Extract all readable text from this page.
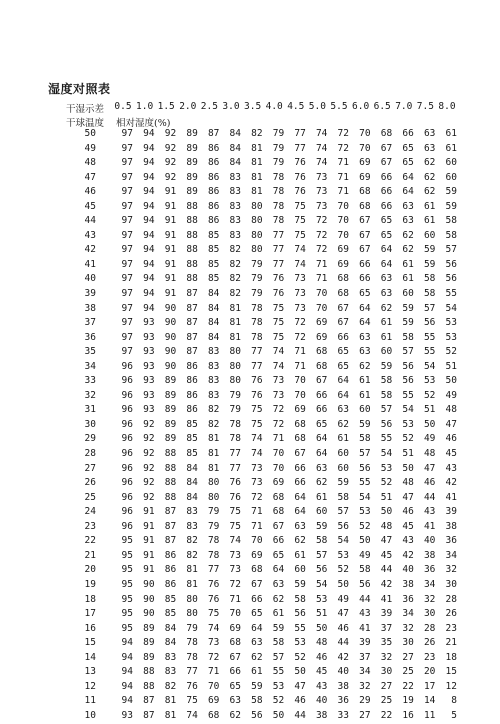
湿度对照表
干湿示差 0.5 1.0 1.5 2.0 2.5 3.0 3.5 4.0 4.5 5.0 5.5 6.0 6.5 7.0 7.5 8.0
干球温度 相对湿度(%)
50	97	94	92	89	87	84	82	79	77	74	72	70	68	66	63	61
49	97	94	92	89	86	84	81	79	77	74	72	70	67	65	63	61
48	97	94	92	89	86	84	81	79	76	74	71	69	67	65	62	60
47	97	94	92	89	86	83	81	78	76	73	71	69	66	64	62	60
46	97	94	91	89	86	83	81	78	76	73	71	68	66	64	62	59
45	97	94	91	88	86	83	80	78	75	73	70	68	66	63	61	59
44	97	94	91	88	86	83	80	78	75	72	70	67	65	63	61	58
43	97	94	91	88	85	83	80	77	75	72	70	67	65	62	60	58
42	97	94	91	88	85	82	80	77	74	72	69	67	64	62	59	57
41	97	94	91	88	85	82	79	77	74	71	69	66	64	61	59	56
40	97	94	91	88	85	82	79	76	73	71	68	66	63	61	58	56
39	97	94	91	87	84	82	79	76	73	70	68	65	63	60	58	55
38	97	94	90	87	84	81	78	75	73	70	67	64	62	59	57	54
37	97	93	90	87	84	81	78	75	72	69	67	64	61	59	56	53
36	97	93	90	87	84	81	78	75	72	69	66	63	61	58	55	53
35	97	93	90	87	83	80	77	74	71	68	65	63	60	57	55	52
34	96	93	90	86	83	80	77	74	71	68	65	62	59	56	54	51
33	96	93	89	86	83	80	76	73	70	67	64	61	58	56	53	50
32	96	93	89	86	83	79	76	73	70	66	64	61	58	55	52	49
31	96	93	89	86	82	79	75	72	69	66	63	60	57	54	51	48
30	96	92	89	85	82	78	75	72	68	65	62	59	56	53	50	47
29	96	92	89	85	81	78	74	71	68	64	61	58	55	52	49	46
28	96	92	88	85	81	77	74	70	67	64	60	57	54	51	48	45
27	96	92	88	84	81	77	73	70	66	63	60	56	53	50	47	43
26	96	92	88	84	80	76	73	69	66	62	59	55	52	48	46	42
25	96	92	88	84	80	76	72	68	64	61	58	54	51	47	44	41
24	96	91	87	83	79	75	71	68	64	60	57	53	50	46	43	39
23	96	91	87	83	79	75	71	67	63	59	56	52	48	45	41	38
22	95	91	87	82	78	74	70	66	62	58	54	50	47	43	40	36
21	95	91	86	82	78	73	69	65	61	57	53	49	45	42	38	34
20	95	91	86	81	77	73	68	64	60	56	52	58	44	40	36	32
19	95	90	86	81	76	72	67	63	59	54	50	56	42	38	34	30
18	95	90	85	80	76	71	66	62	58	53	49	44	41	36	32	28
17	95	90	85	80	75	70	65	61	56	51	47	43	39	34	30	26
16	95	89	84	79	74	69	64	59	55	50	46	41	37	32	28	23
15	94	89	84	78	73	68	63	58	53	48	44	39	35	30	26	21
14	94	89	83	78	72	67	62	57	52	46	42	37	32	27	23	18
13	94	88	83	77	71	66	61	55	50	45	40	34	30	25	20	15
12	94	88	82	76	70	65	59	53	47	43	38	32	27	22	17	12
11	94	87	81	75	69	63	58	52	46	40	36	29	25	19	14	8
10	93	87	81	74	68	62	56	50	44	38	33	27	22	16	11	5
